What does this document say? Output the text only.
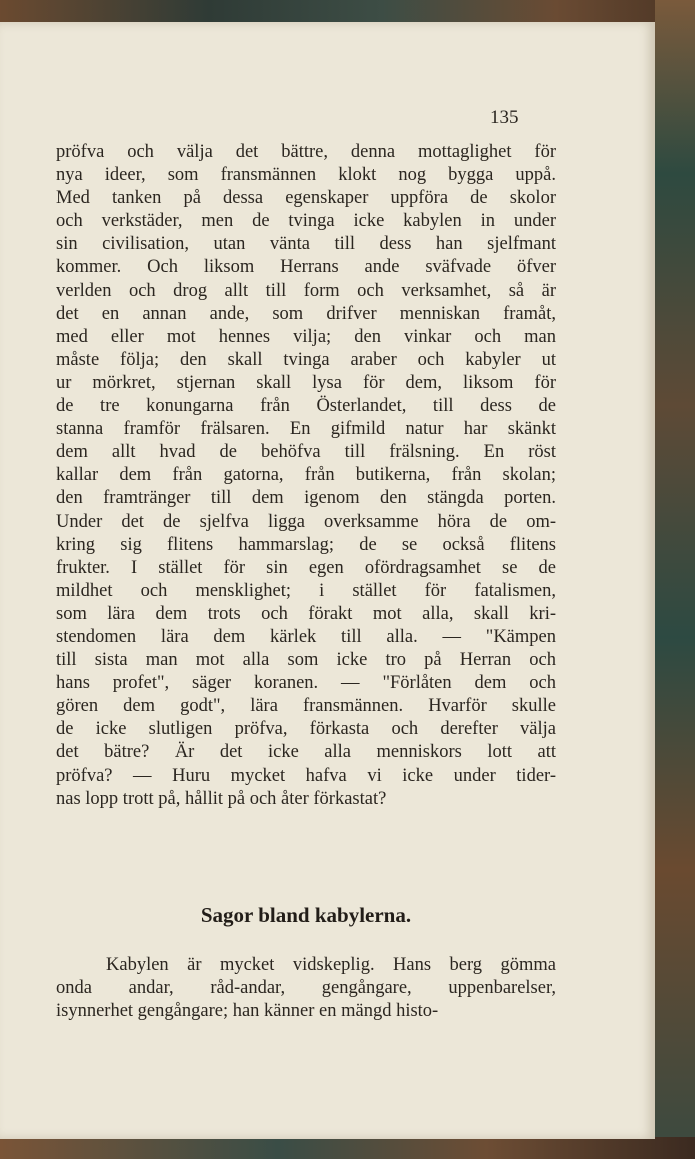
135
pröfva och välja det bättre, denna mottaglighet för
nya ideer, som fransmännen klokt nog bygga uppå.
Med tanken på dessa egenskaper uppföra de skolor
och verkstäder, men de tvinga icke kabylen in under
sin civilisation, utan vänta till dess han sjelfmant
kommer. Och liksom Herrans ande sväfvade öfver
verlden och drog allt till form och verksamhet, så är
det en annan ande, som drifver menniskan framåt,
med eller mot hennes vilja; den vinkar och man
måste följa; den skall tvinga araber och kabyler ut
ur mörkret, stjernan skall lysa för dem, liksom för
de tre konungarna från Österlandet, till dess de
stanna framför frälsaren. En gifmild natur har skänkt
dem allt hvad de behöfva till frälsning. En röst
kallar dem från gatorna, från butikerna, från skolan;
den framtränger till dem igenom den stängda porten.
Under det de sjelfva ligga overksamme höra de om-
kring sig flitens hammarslag; de se också flitens
frukter. I stället för sin egen ofördragsamhet se de
mildhet och mensklighet; i stället för fatalismen,
som lära dem trots och förakt mot alla, skall kri-
stendomen lära dem kärlek till alla. — "Kämpen
till sista man mot alla som icke tro på Herran och
hans profet", säger koranen. — "Förlåten dem och
gören dem godt", lära fransmännen. Hvarför skulle
de icke slutligen pröfva, förkasta och derefter välja
det bätre? Är det icke alla menniskors lott att
pröfva? — Huru mycket hafva vi icke under tider-
nas lopp trott på, hållit på och åter förkastat?
Sagor bland kabylerna.
Kabylen är mycket vidskeplig. Hans berg gömma
onda andar, råd-andar, gengångare, uppenbarelser,
isynnerhet gengångare; han känner en mängd histo-
